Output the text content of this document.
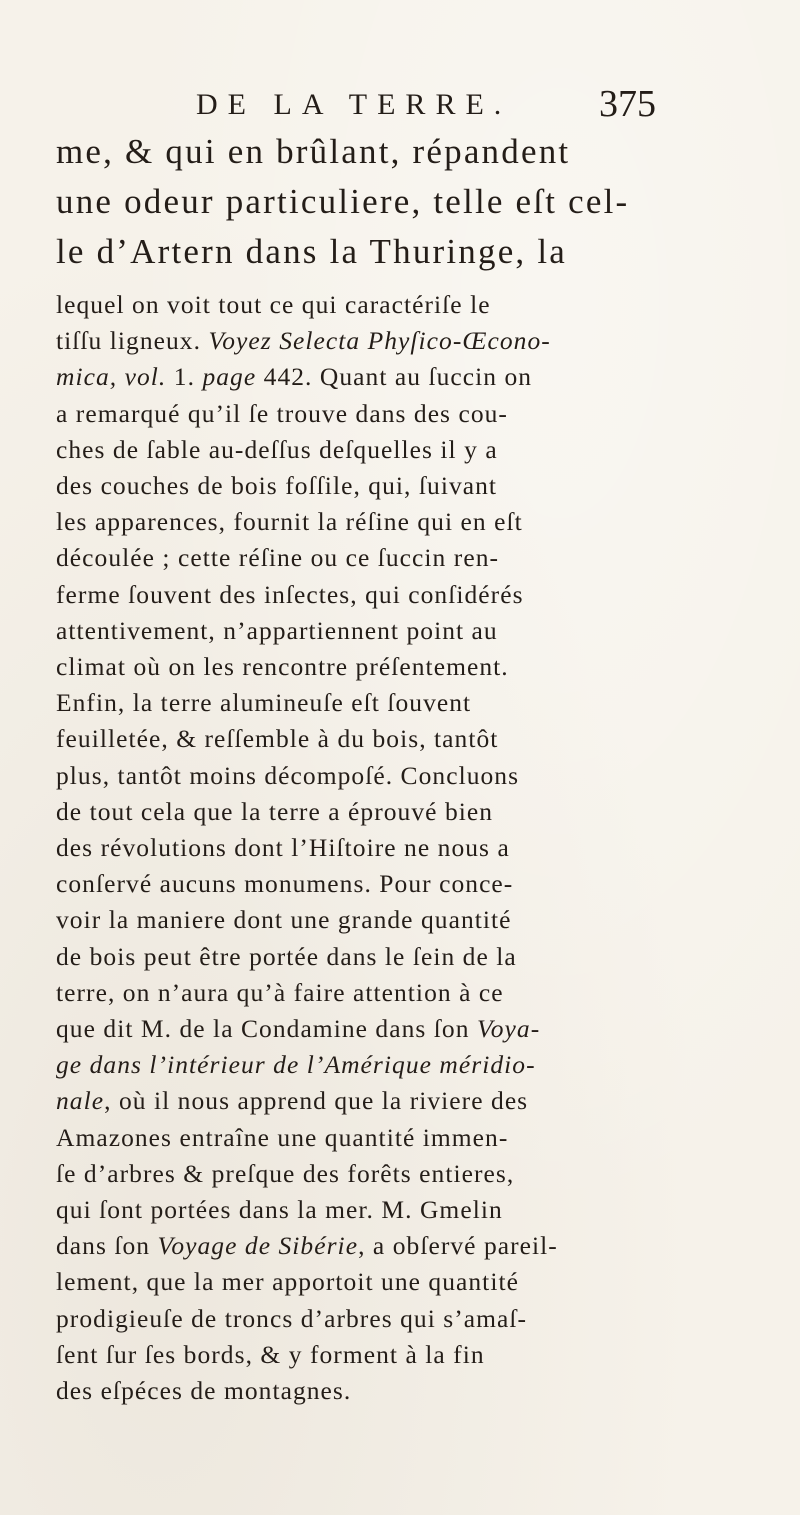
DE LA TERRE. 375
me, & qui en brûlant, répandent
une odeur particuliere, telle eſt cel-
le d’Artern dans la Thuringe, la
lequel on voit tout ce qui caractériſe le
tiſſu ligneux. Voyez Selecta Phyſico-Œcono-
mica, vol. 1. page 442. Quant au ſuccin on
a remarqué qu’il ſe trouve dans des cou-
ches de ſable au-deſſus deſquelles il y a
des couches de bois foſſile, qui, ſuivant
les apparences, fournit la réſine qui en eſt
découlée ; cette réſine ou ce ſuccin ren-
ferme ſouvent des inſectes, qui conſidérés
attentivement, n’appartiennent point au
climat où on les rencontre préſentement.
Enfin, la terre alumineuſe eſt ſouvent
feuilletée, & reſſemble à du bois, tantôt
plus, tantôt moins décompoſé. Concluons
de tout cela que la terre a éprouvé bien
des révolutions dont l’Hiſtoire ne nous a
conſervé aucuns monumens. Pour conce-
voir la maniere dont une grande quantité
de bois peut être portée dans le ſein de la
terre, on n’aura qu’à faire attention à ce
que dit M. de la Condamine dans ſon Voya-
ge dans l’intérieur de l’Amérique méridio-
nale, où il nous apprend que la riviere des
Amazones entraîne une quantité immen-
ſe d’arbres & preſque des forêts entieres,
qui ſont portées dans la mer. M. Gmelin
dans ſon Voyage de Sibérie, a obſervé pareil-
lement, que la mer apportoit une quantité
prodigieuſe de troncs d’arbres qui s’amaſ-
ſent ſur ſes bords, & y forment à la fin
des eſpéces de montagnes.
